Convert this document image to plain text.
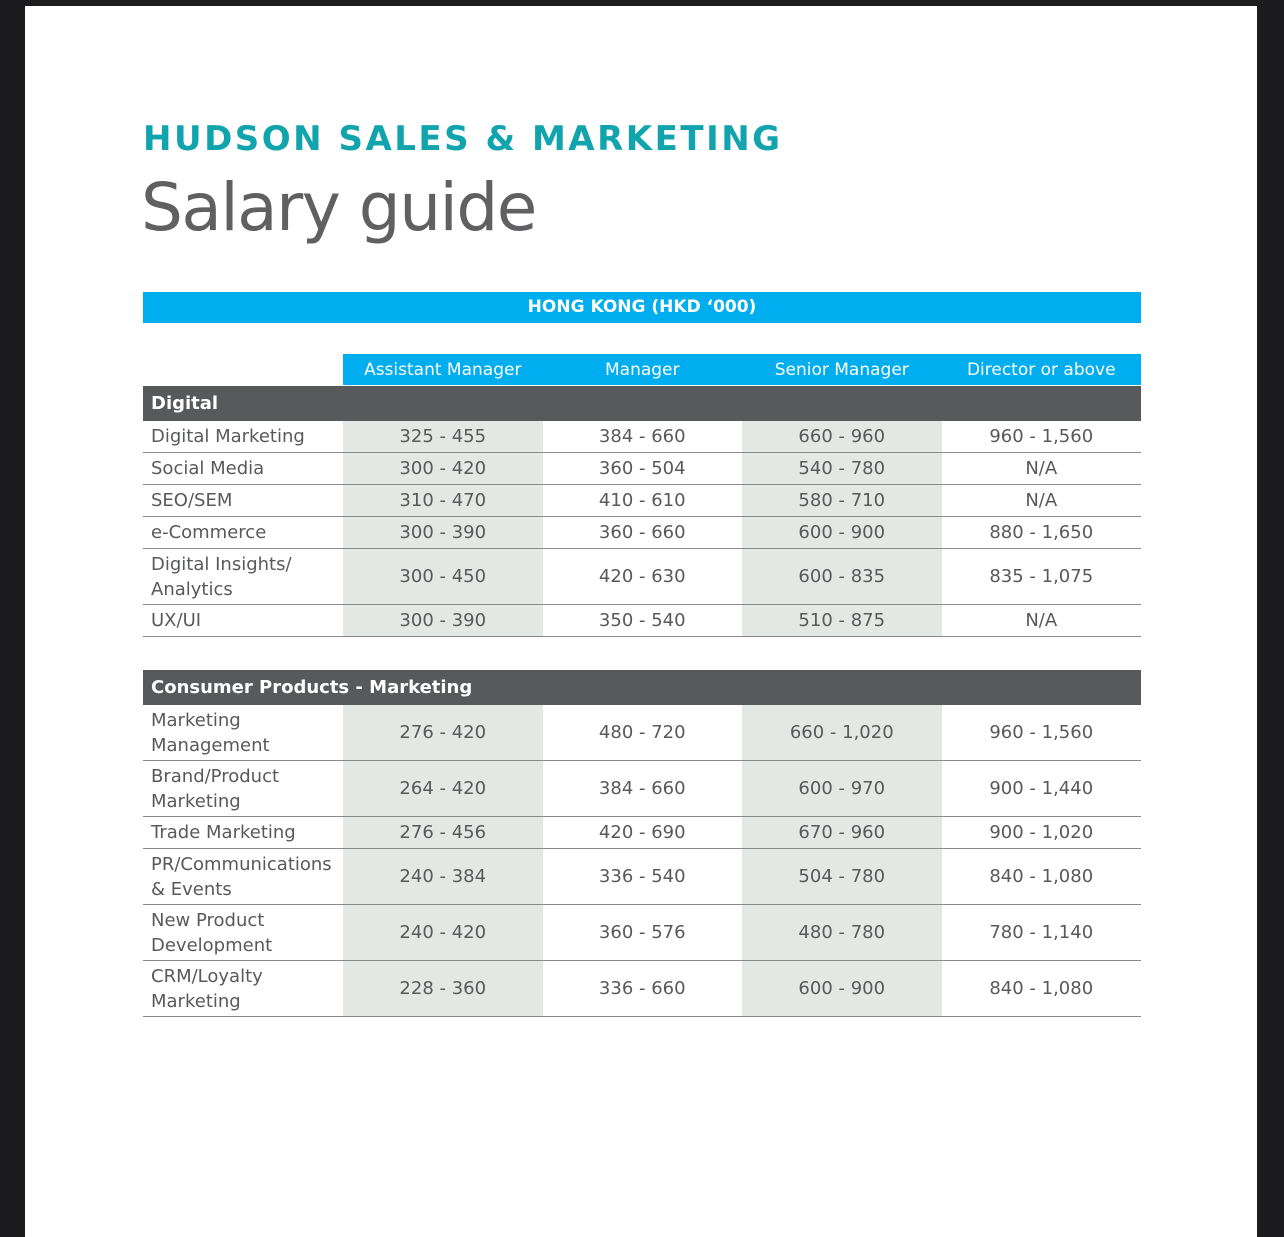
HUDSON SALES & MARKETING
Salary guide
HONG KONG (HKD ‘000)
	Assistant Manager	Manager	Senior Manager	Director or above
Digital				
Digital Marketing	325 - 455	384 - 660	660 - 960	960 - 1,560
Social Media	300 - 420	360 - 504	540 - 780	N/A
SEO/SEM	310 - 470	410 - 610	580 - 710	N/A
e-Commerce	300 - 390	360 - 660	600 - 900	880 - 1,650
Digital Insights/
Analytics	300 - 450	420 - 630	600 - 835	835 - 1,075
UX/UI	300 - 390	350 - 540	510 - 875	N/A

Consumer Products - Marketing				
Marketing
Management	276 - 420	480 - 720	660 - 1,020	960 - 1,560
Brand/Product
Marketing	264 - 420	384 - 660	600 - 970	900 - 1,440
Trade Marketing	276 - 456	420 - 690	670 - 960	900 - 1,020
PR/Communications
& Events	240 - 384	336 - 540	504 - 780	840 - 1,080
New Product
Development	240 - 420	360 - 576	480 - 780	780 - 1,140
CRM/Loyalty
Marketing	228 - 360	336 - 660	600 - 900	840 - 1,080
